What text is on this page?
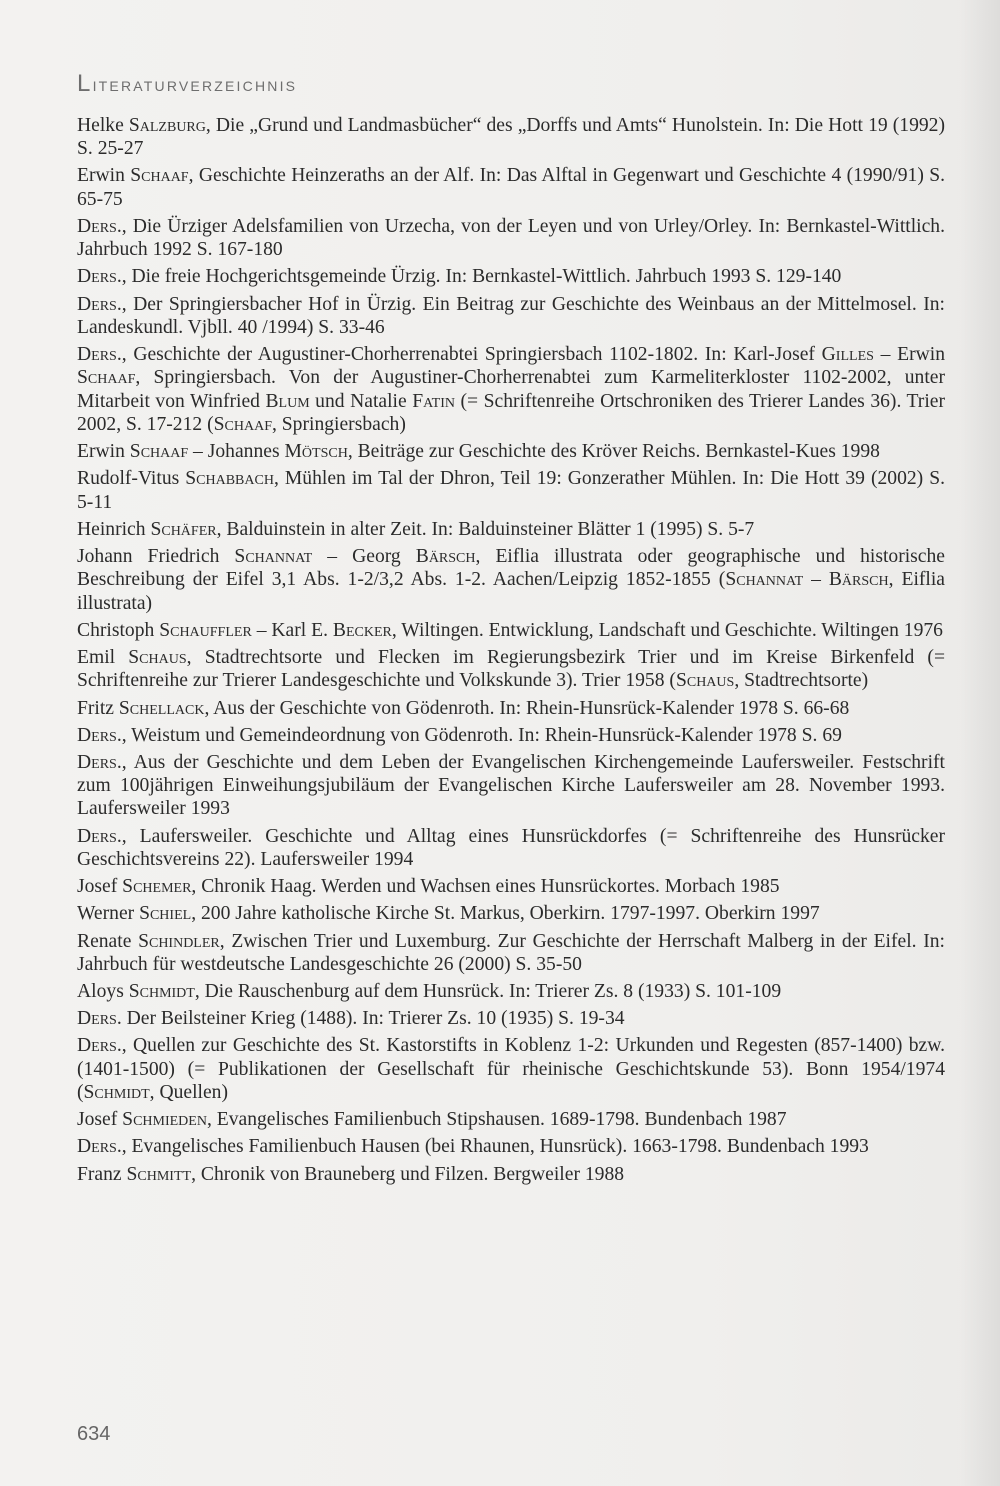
Literaturverzeichnis

Helke Salzburg, Die „Grund und Landmasbücher“ des „Dorffs und Amts“ Hunolstein. In: Die Hott 19 (1992) S. 25-27

Erwin Schaaf, Geschichte Heinzeraths an der Alf. In: Das Alftal in Gegenwart und Geschichte 4 (1990/91) S. 65-75

Ders., Die Ürziger Adelsfamilien von Urzecha, von der Leyen und von Urley/Orley. In: Bernkastel-Wittlich. Jahrbuch 1992 S. 167-180

Ders., Die freie Hochgerichtsgemeinde Ürzig. In: Bernkastel-Wittlich. Jahrbuch 1993 S. 129-140

Ders., Der Springiersbacher Hof in Ürzig. Ein Beitrag zur Geschichte des Weinbaus an der Mittelmosel. In: Landeskundl. Vjbll. 40 /1994) S. 33-46

Ders., Geschichte der Augustiner-Chorherrenabtei Springiersbach 1102-1802. In: Karl-Josef Gilles – Erwin Schaaf, Springiersbach. Von der Augustiner-Chorherrenabtei zum Karmeliterkloster 1102-2002, unter Mitarbeit von Winfried Blum und Natalie Fatin (= Schriftenreihe Ortschroniken des Trierer Landes 36). Trier 2002, S. 17-212 (Schaaf, Springiersbach)

Erwin Schaaf – Johannes Mötsch, Beiträge zur Geschichte des Kröver Reichs. Bernkastel-Kues 1998

Rudolf-Vitus Schabbach, Mühlen im Tal der Dhron, Teil 19: Gonzerather Mühlen. In: Die Hott 39 (2002) S. 5-11

Heinrich Schäfer, Balduinstein in alter Zeit. In: Balduinsteiner Blätter 1 (1995) S. 5-7

Johann Friedrich Schannat – Georg Bärsch, Eiflia illustrata oder geographische und historische Beschreibung der Eifel 3,1 Abs. 1-2/3,2 Abs. 1-2. Aachen/Leipzig 1852-1855 (Schannat – Bärsch, Eiflia illustrata)

Christoph Schauffler – Karl E. Becker, Wiltingen. Entwicklung, Landschaft und Geschichte. Wiltingen 1976

Emil Schaus, Stadtrechtsorte und Flecken im Regierungsbezirk Trier und im Kreise Birkenfeld (= Schriftenreihe zur Trierer Landesgeschichte und Volkskunde 3). Trier 1958 (Schaus, Stadtrechtsorte)

Fritz Schellack, Aus der Geschichte von Gödenroth. In: Rhein-Hunsrück-Kalender 1978 S. 66-68

Ders., Weistum und Gemeindeordnung von Gödenroth. In: Rhein-Hunsrück-Kalender 1978 S. 69

Ders., Aus der Geschichte und dem Leben der Evangelischen Kirchengemeinde Laufersweiler. Festschrift zum 100jährigen Einweihungsjubiläum der Evangelischen Kirche Laufersweiler am 28. November 1993. Laufersweiler 1993

Ders., Laufersweiler. Geschichte und Alltag eines Hunsrückdorfes (= Schriftenreihe des Hunsrücker Geschichtsvereins 22). Laufersweiler 1994

Josef Schemer, Chronik Haag. Werden und Wachsen eines Hunsrückortes. Morbach 1985

Werner Schiel, 200 Jahre katholische Kirche St. Markus, Oberkirn. 1797-1997. Oberkirn 1997

Renate Schindler, Zwischen Trier und Luxemburg. Zur Geschichte der Herrschaft Malberg in der Eifel. In: Jahrbuch für westdeutsche Landesgeschichte 26 (2000) S. 35-50

Aloys Schmidt, Die Rauschenburg auf dem Hunsrück. In: Trierer Zs. 8 (1933) S. 101-109

Ders. Der Beilsteiner Krieg (1488). In: Trierer Zs. 10 (1935) S. 19-34

Ders., Quellen zur Geschichte des St. Kastorstifts in Koblenz 1-2: Urkunden und Regesten (857-1400) bzw. (1401-1500) (= Publikationen der Gesellschaft für rheinische Geschichtskunde 53). Bonn 1954/1974 (Schmidt, Quellen)

Josef Schmieden, Evangelisches Familienbuch Stipshausen. 1689-1798. Bundenbach 1987

Ders., Evangelisches Familienbuch Hausen (bei Rhaunen, Hunsrück). 1663-1798. Bundenbach 1993

Franz Schmitt, Chronik von Brauneberg und Filzen. Bergweiler 1988

634
